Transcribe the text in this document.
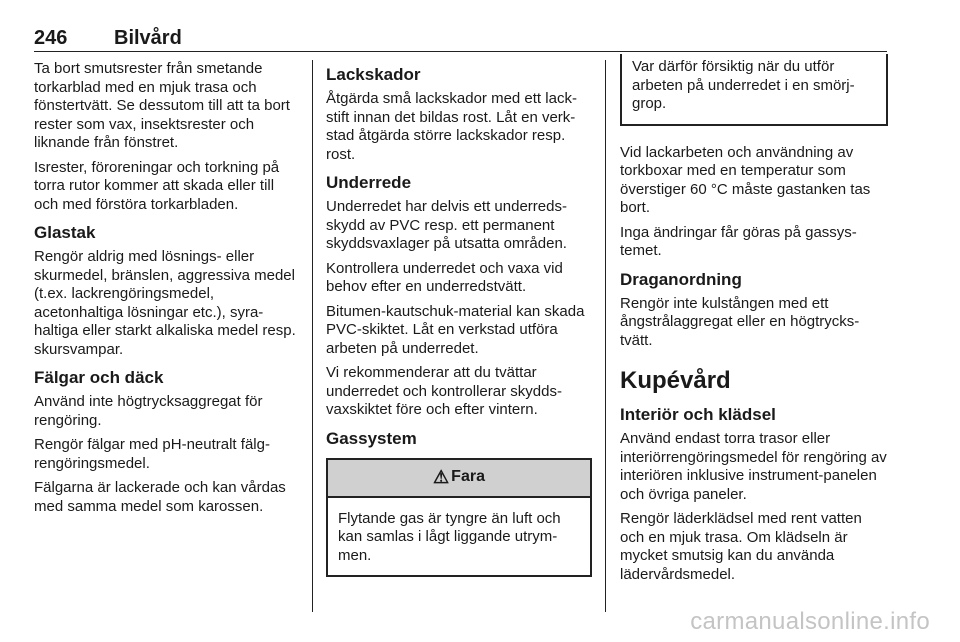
246 Bilvård

Ta bort smutsrester från smetande torkarblad med en mjuk trasa och fönstertvätt. Se dessutom till att ta bort rester som vax, insektsrester och liknande från fönstret.

Isrester, föroreningar och torkning på torra rutor kommer att skada eller till och med förstöra torkarbladen.

Glastak

Rengör aldrig med lösnings- eller skurmedel, bränslen, aggressiva medel (t.ex. lackrengöringsmedel, acetonhaltiga lösningar etc.), syra-haltiga eller starkt alkaliska medel resp. skursvampar.

Fälgar och däck

Använd inte högtrycksaggregat för rengöring.

Rengör fälgar med pH-neutralt fälg-rengöringsmedel.

Fälgarna är lackerade och kan vårdas med samma medel som karossen.

Lackskador

Åtgärda små lackskador med ett lack-stift innan det bildas rost. Låt en verk-stad åtgärda större lackskador resp. rost.

Underrede

Underredet har delvis ett underreds-skydd av PVC resp. ett permanent skyddsvaxlager på utsatta områden.

Kontrollera underredet och vaxa vid behov efter en underredstvätt.

Bitumen-kautschuk-material kan skada PVC-skiktet. Låt en verkstad utföra arbeten på underredet.

Vi rekommenderar att du tvättar underredet och kontrollerar skydds-vaxskiktet före och efter vintern.

Gassystem
⚠ Fara
Flytande gas är tyngre än luft och kan samlas i lågt liggande utrym-men.
Var därför försiktig när du utför arbeten på underredet i en smörj-grop.

Vid lackarbeten och användning av torkboxar med en temperatur som överstiger 60 °C måste gastanken tas bort.

Inga ändringar får göras på gassys-temet.

Draganordning

Rengör inte kulstången med ett ångstrålaggregat eller en högtrycks-tvätt.

Kupévård
Interiör och klädsel

Använd endast torra trasor eller interiörrengöringsmedel för rengöring av interiören inklusive instrument-panelen och övriga paneler.

Rengör läderklädsel med rent vatten och en mjuk trasa. Om klädseln är mycket smutsig kan du använda lädervårdsmedel.

carmanualsonline.info
